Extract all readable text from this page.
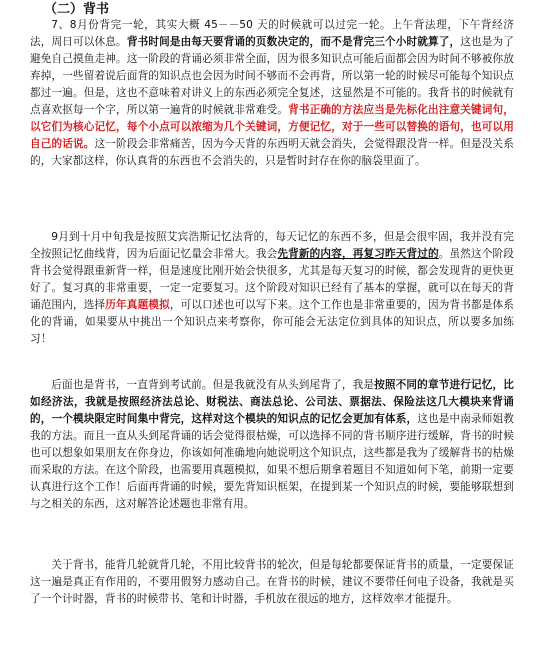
（二）背书
7、8月份背完一轮，其实大概 45－－50 天的时候就可以过完一轮。上午背法理，下午背经济法，周日可以休息。背书时间是由每天要背诵的页数决定的，而不是背完三个小时就算了，这也是为了避免自己摸鱼走神。这一阶段的背诵必须非常全面，因为很多知识点可能后面都会因为时间不够被你放弃掉，一些留着说后面背的知识点也会因为时间不够而不会再背，所以第一轮的时候尽可能每个知识点都过一遍。但是，这也不意味着对讲义上的东西必须完全复述，这显然是不可能的。我背书的时候就有点喜欢抠每一个字，所以第一遍背的时候就非常难受。背书正确的方法应当是先标化出注意关键词句，以它们为核心记忆，每个小点可以浓缩为几个关键词，方便记忆，对于一些可以替换的语句，也可以用自己的话说。这一阶段会非常痛苦，因为今天背的东西明天就会消失，会觉得跟没背一样。但是没关系的，大家都这样，你认真背的东西也不会消失的，只是暂时封存在你的脑袋里面了。
9月到十月中旬我是按照艾宾浩斯记忆法背的，每天记忆的东西不多，但是会很牢固，我并没有完全按照记忆曲线背，因为后面记忆量会非常大。我会先背新的内容，再复习昨天背过的。虽然这个阶段背书会觉得跟重新背一样，但是速度比刚开始会快很多，尤其是每天复习的时候，都会发现背的更快更好了。复习真的非常重要，一定一定要复习。这个阶段对知识已经有了基本的掌握，就可以在每天的背诵范围内，选择历年真题模拟，可以口述也可以写下来。这个工作也是非常重要的，因为背书都是体系化的背诵，如果要从中挑出一个知识点来考察你，你可能会无法定位到具体的知识点，所以要多加练习！
后面也是背书，一直背到考试前。但是我就没有从头到尾背了，我是按照不同的章节进行记忆，比如经济法，我就是按照经济法总论、财税法、商法总论、公司法、票据法、保险法这几大模块来背诵的，一个模块限定时间集中背完，这样对这个模块的知识点的记忆会更加有体系，这也是中南录师姐教我的方法。而且一直从头到尾背诵的话会觉得很枯燥，可以选择不同的背书顺序进行缓解，背书的时候也可以想象如果朋友在你身边，你该如何准确地向她说明这个知识点，这些都是我为了缓解背书的枯燥而采取的方法。在这个阶段，也需要用真题模拟，如果不想后期拿着题目不知道如何下笔，前期一定要认真进行这个工作！后面再背诵的时候，要先背知识框架，在提到某一个知识点的时候，要能够联想到与之相关的东西，这对解答论述题也非常有用。
关于背书，能背几轮就背几轮，不用比较背书的轮次，但是每轮都要保证背书的质量，一定要保证这一遍是真正有作用的，不要用假努力感动自己。在背书的时候，建议不要带任何电子设备，我就是买了一个计时器，背书的时候带书、笔和计时器，手机放在很远的地方，这样效率才能提升。
